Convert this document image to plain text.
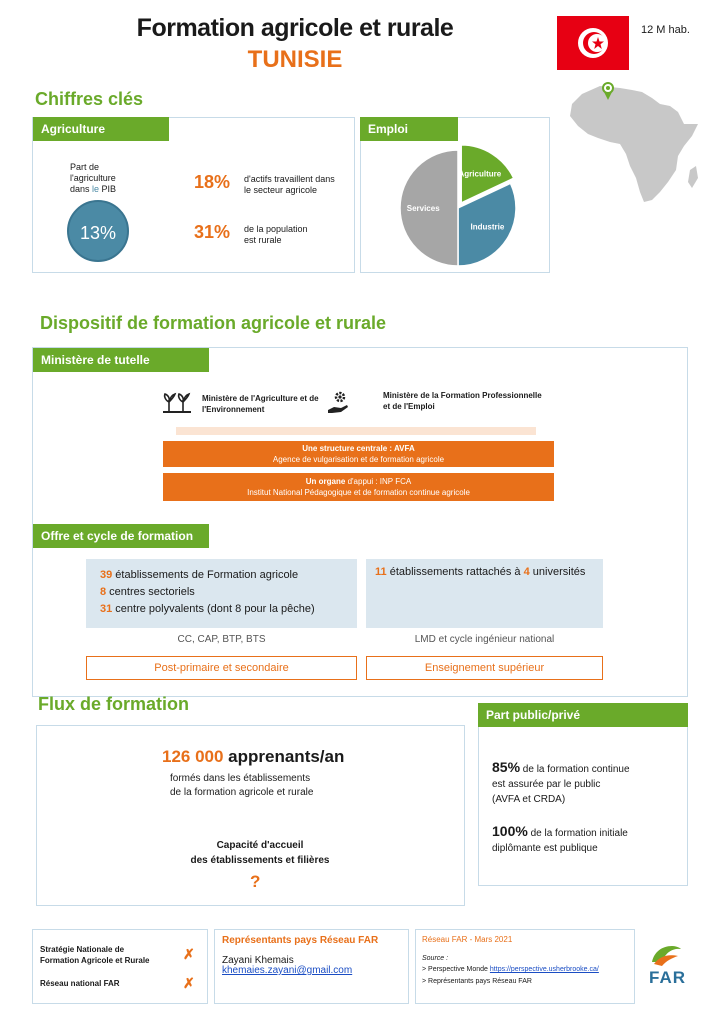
Formation agricole et rurale
TUNISIE
12 M hab.
Chiffres clés
Agriculture
Part de
l'agriculture
dans le PIB
13%
18% d'actifs travaillent dans
le secteur agricole
31% de la population
est rurale
Emploi
Agriculture
Industrie
Services
Dispositif de formation agricole et rurale
Ministère de tutelle
Ministère de l'Agriculture et de l'Environnement
Ministère de la Formation Professionnelle
et de l'Emploi
Une structure centrale : AVFA
Agence de vulgarisation et de formation agricole
Un organe d'appui : INP FCA
Institut National Pédagogique et de formation continue agricole
Offre et cycle de formation
39 établissements de Formation agricole
8 centres sectoriels
31 centre polyvalents (dont 8 pour la pêche)
11 établissements rattachés à 4 universités
CC, CAP, BTP, BTS	LMD et cycle ingénieur national
Post-primaire et secondaire	Enseignement supérieur
Flux de formation
126 000 apprenants/an
formés dans les établissements
de la formation agricole et rurale
Capacité d'accueil
des établissements et filières
?
Part public/privé
85% de la formation continue
est assurée par le public
(AVFA et CRDA)
100% de la formation initiale
diplômante est publique
Stratégie Nationale de
Formation Agricole et Rurale ✗
Réseau national FAR	✗
Représentants pays Réseau FAR
Zayani Khemais
khemaies.zayani@gmail.com
Réseau FAR - Mars 2021
Source :
> Perspective Monde https://perspective.usherbrooke.ca/
> Représentants pays Réseau FAR	FAR
